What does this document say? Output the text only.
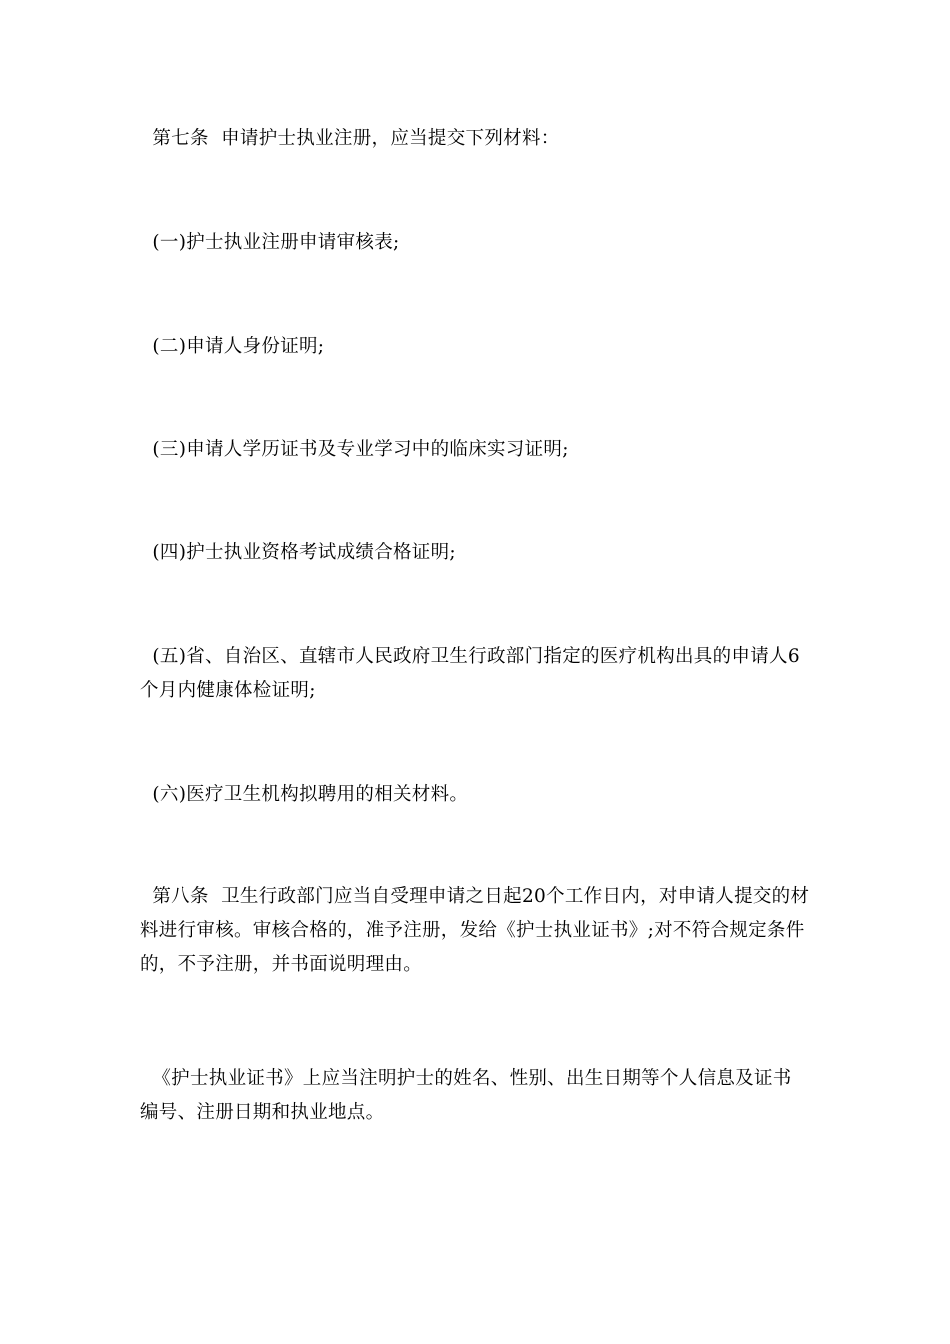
第七条  申请护士执业注册，应当提交下列材料：

(一)护士执业注册申请审核表;

(二)申请人身份证明;

(三)申请人学历证书及专业学习中的临床实习证明;

(四)护士执业资格考试成绩合格证明;

(五)省、自治区、直辖市人民政府卫生行政部门指定的医疗机构出具的申请人6个月内健康体检证明;

(六)医疗卫生机构拟聘用的相关材料。

第八条  卫生行政部门应当自受理申请之日起20个工作日内，对申请人提交的材料进行审核。审核合格的，准予注册，发给《护士执业证书》;对不符合规定条件的，不予注册，并书面说明理由。

《护士执业证书》上应当注明护士的姓名、性别、出生日期等个人信息及证书编号、注册日期和执业地点。
